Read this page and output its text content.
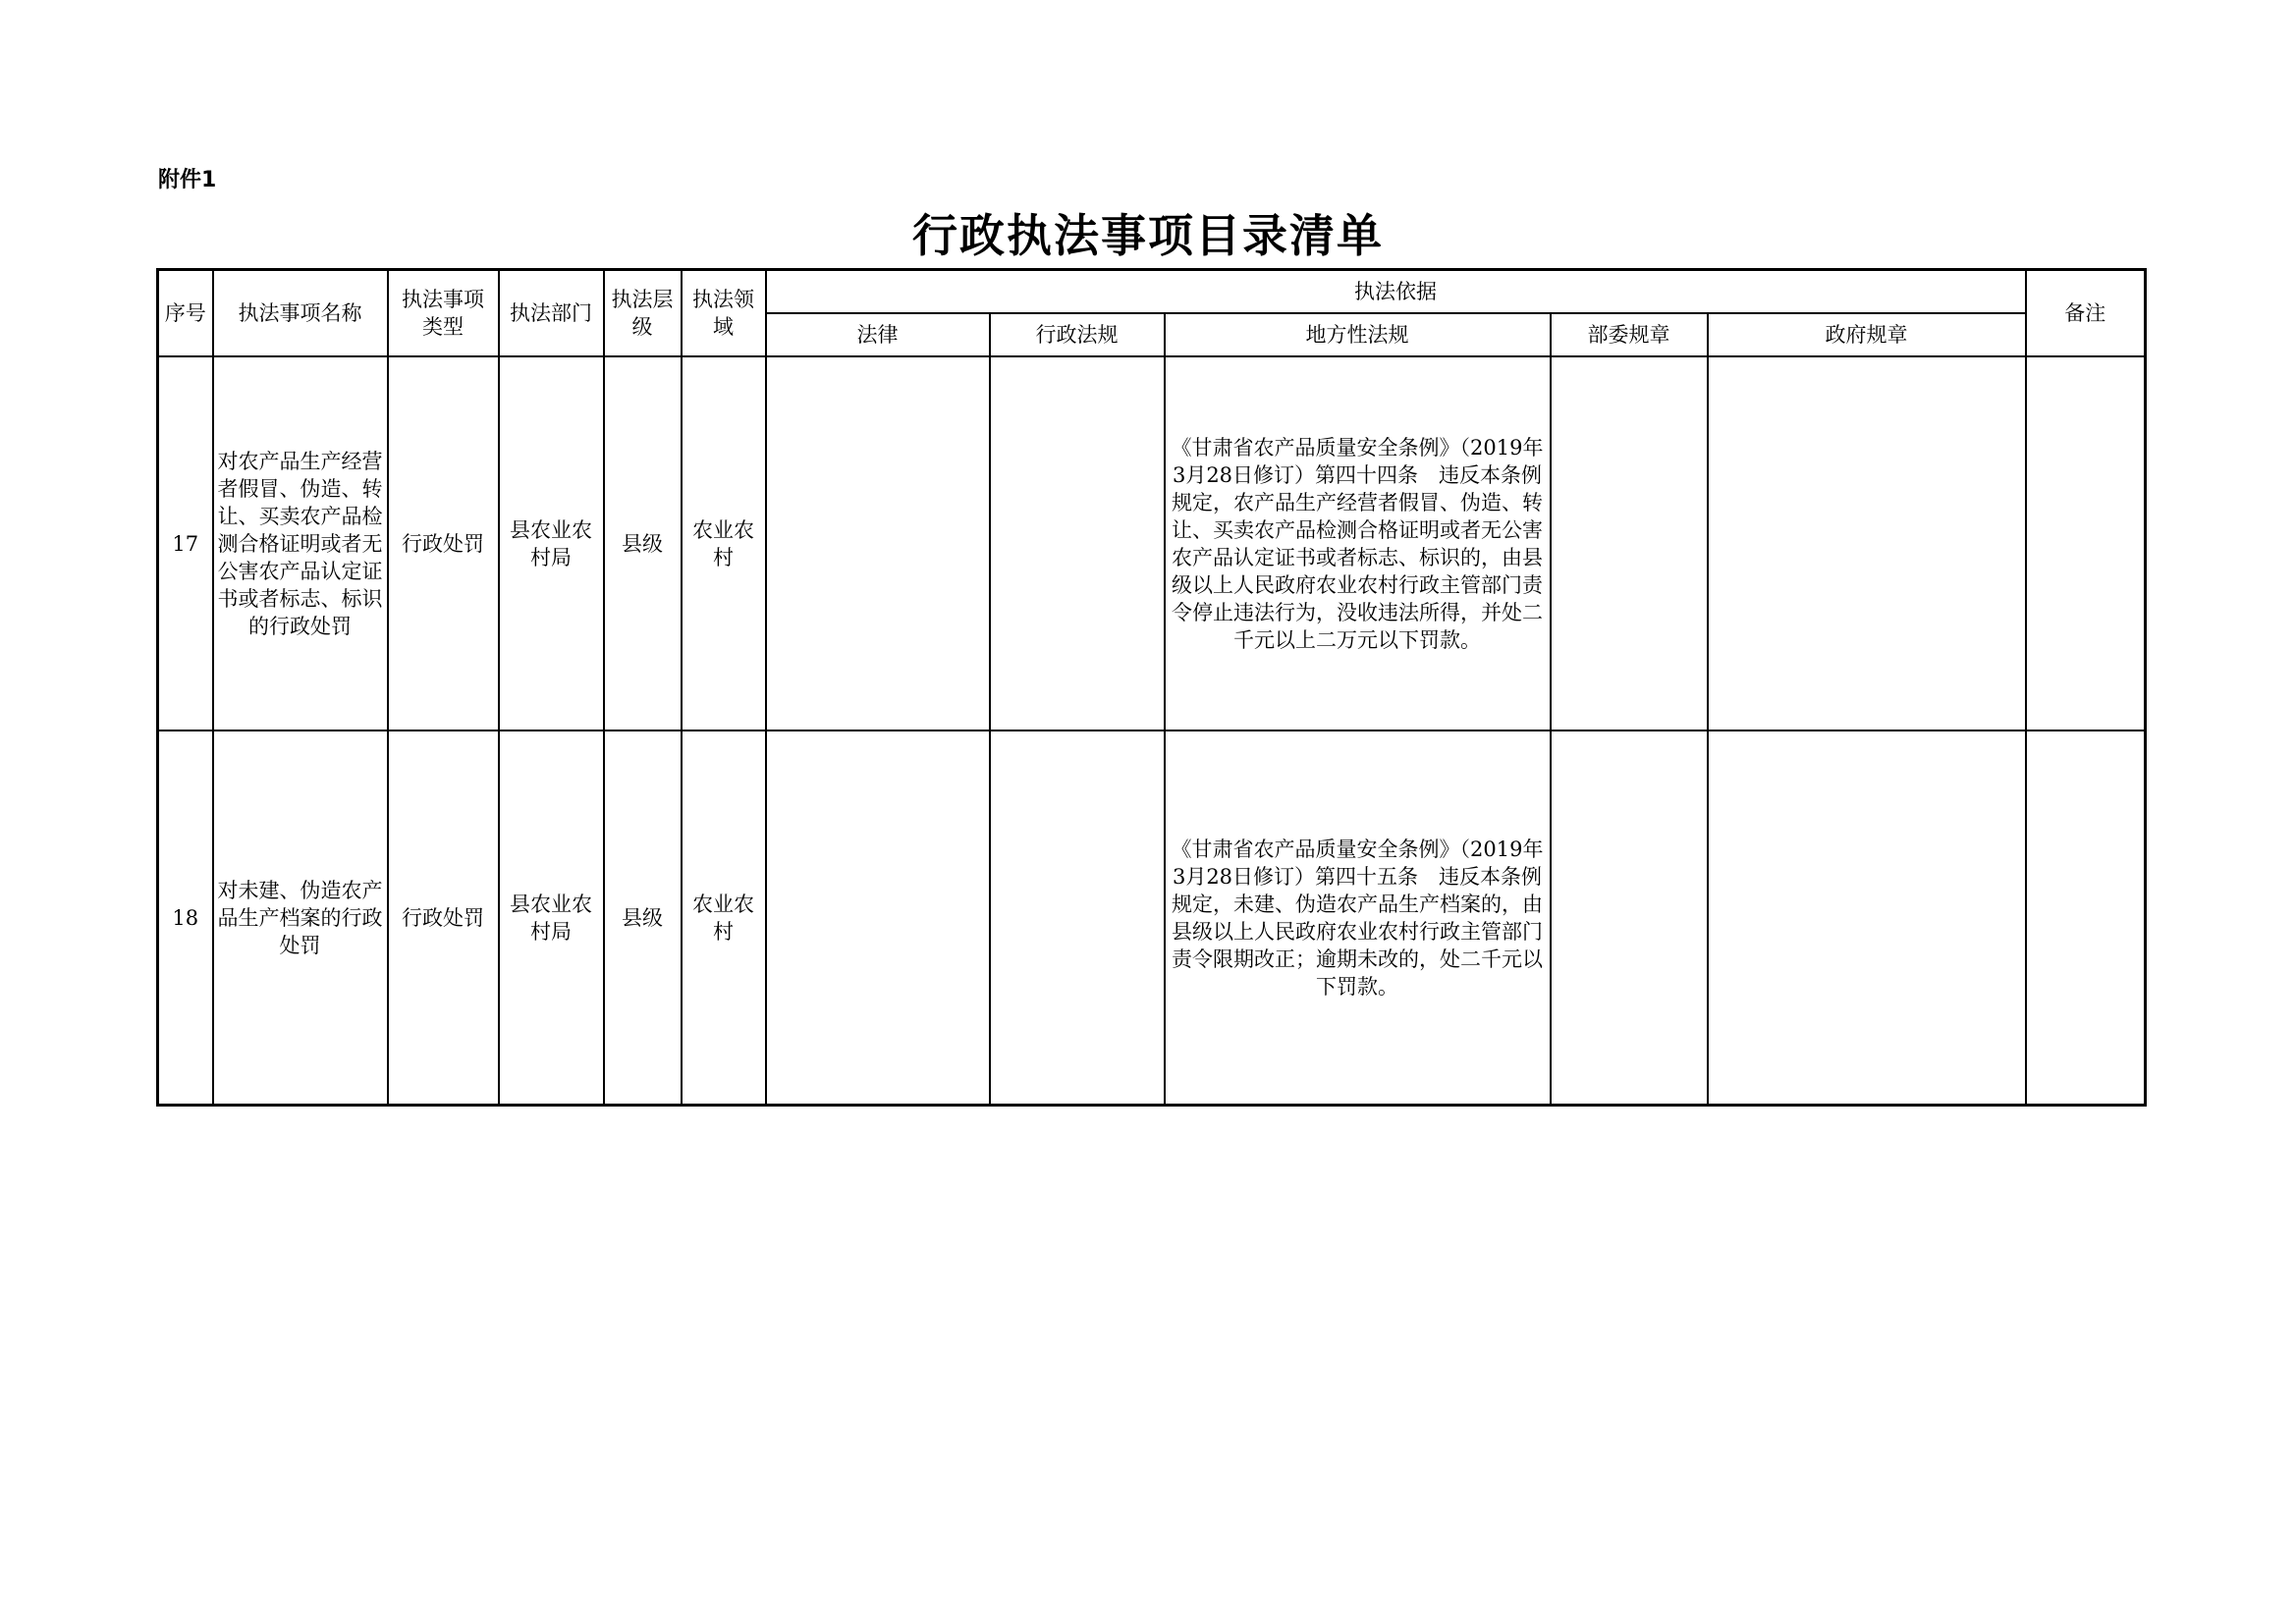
附件1
行政执法事项目录清单
序号	执法事项名称	执法事项类型	执法部门	执法层级	执法领域	执法依据					备注
						法律	行政法规	地方性法规	部委规章	政府规章	
17	对农产品生产经营者假冒、伪造、转让、买卖农产品检测合格证明或者无公害农产品认定证书或者标志、标识的行政处罚	行政处罚	县农业农村局	县级	农业农村			《甘肃省农产品质量安全条例》（2019年3月28日修订）第四十四条　违反本条例规定，农产品生产经营者假冒、伪造、转让、买卖农产品检测合格证明或者无公害农产品认定证书或者标志、标识的，由县级以上人民政府农业农村行政主管部门责令停止违法行为，没收违法所得，并处二千元以上二万元以下罚款。			
18	对未建、伪造农产品生产档案的行政处罚	行政处罚	县农业农村局	县级	农业农村			《甘肃省农产品质量安全条例》（2019年3月28日修订）第四十五条　违反本条例规定，未建、伪造农产品生产档案的，由县级以上人民政府农业农村行政主管部门责令限期改正；逾期未改的，处二千元以下罚款。			
